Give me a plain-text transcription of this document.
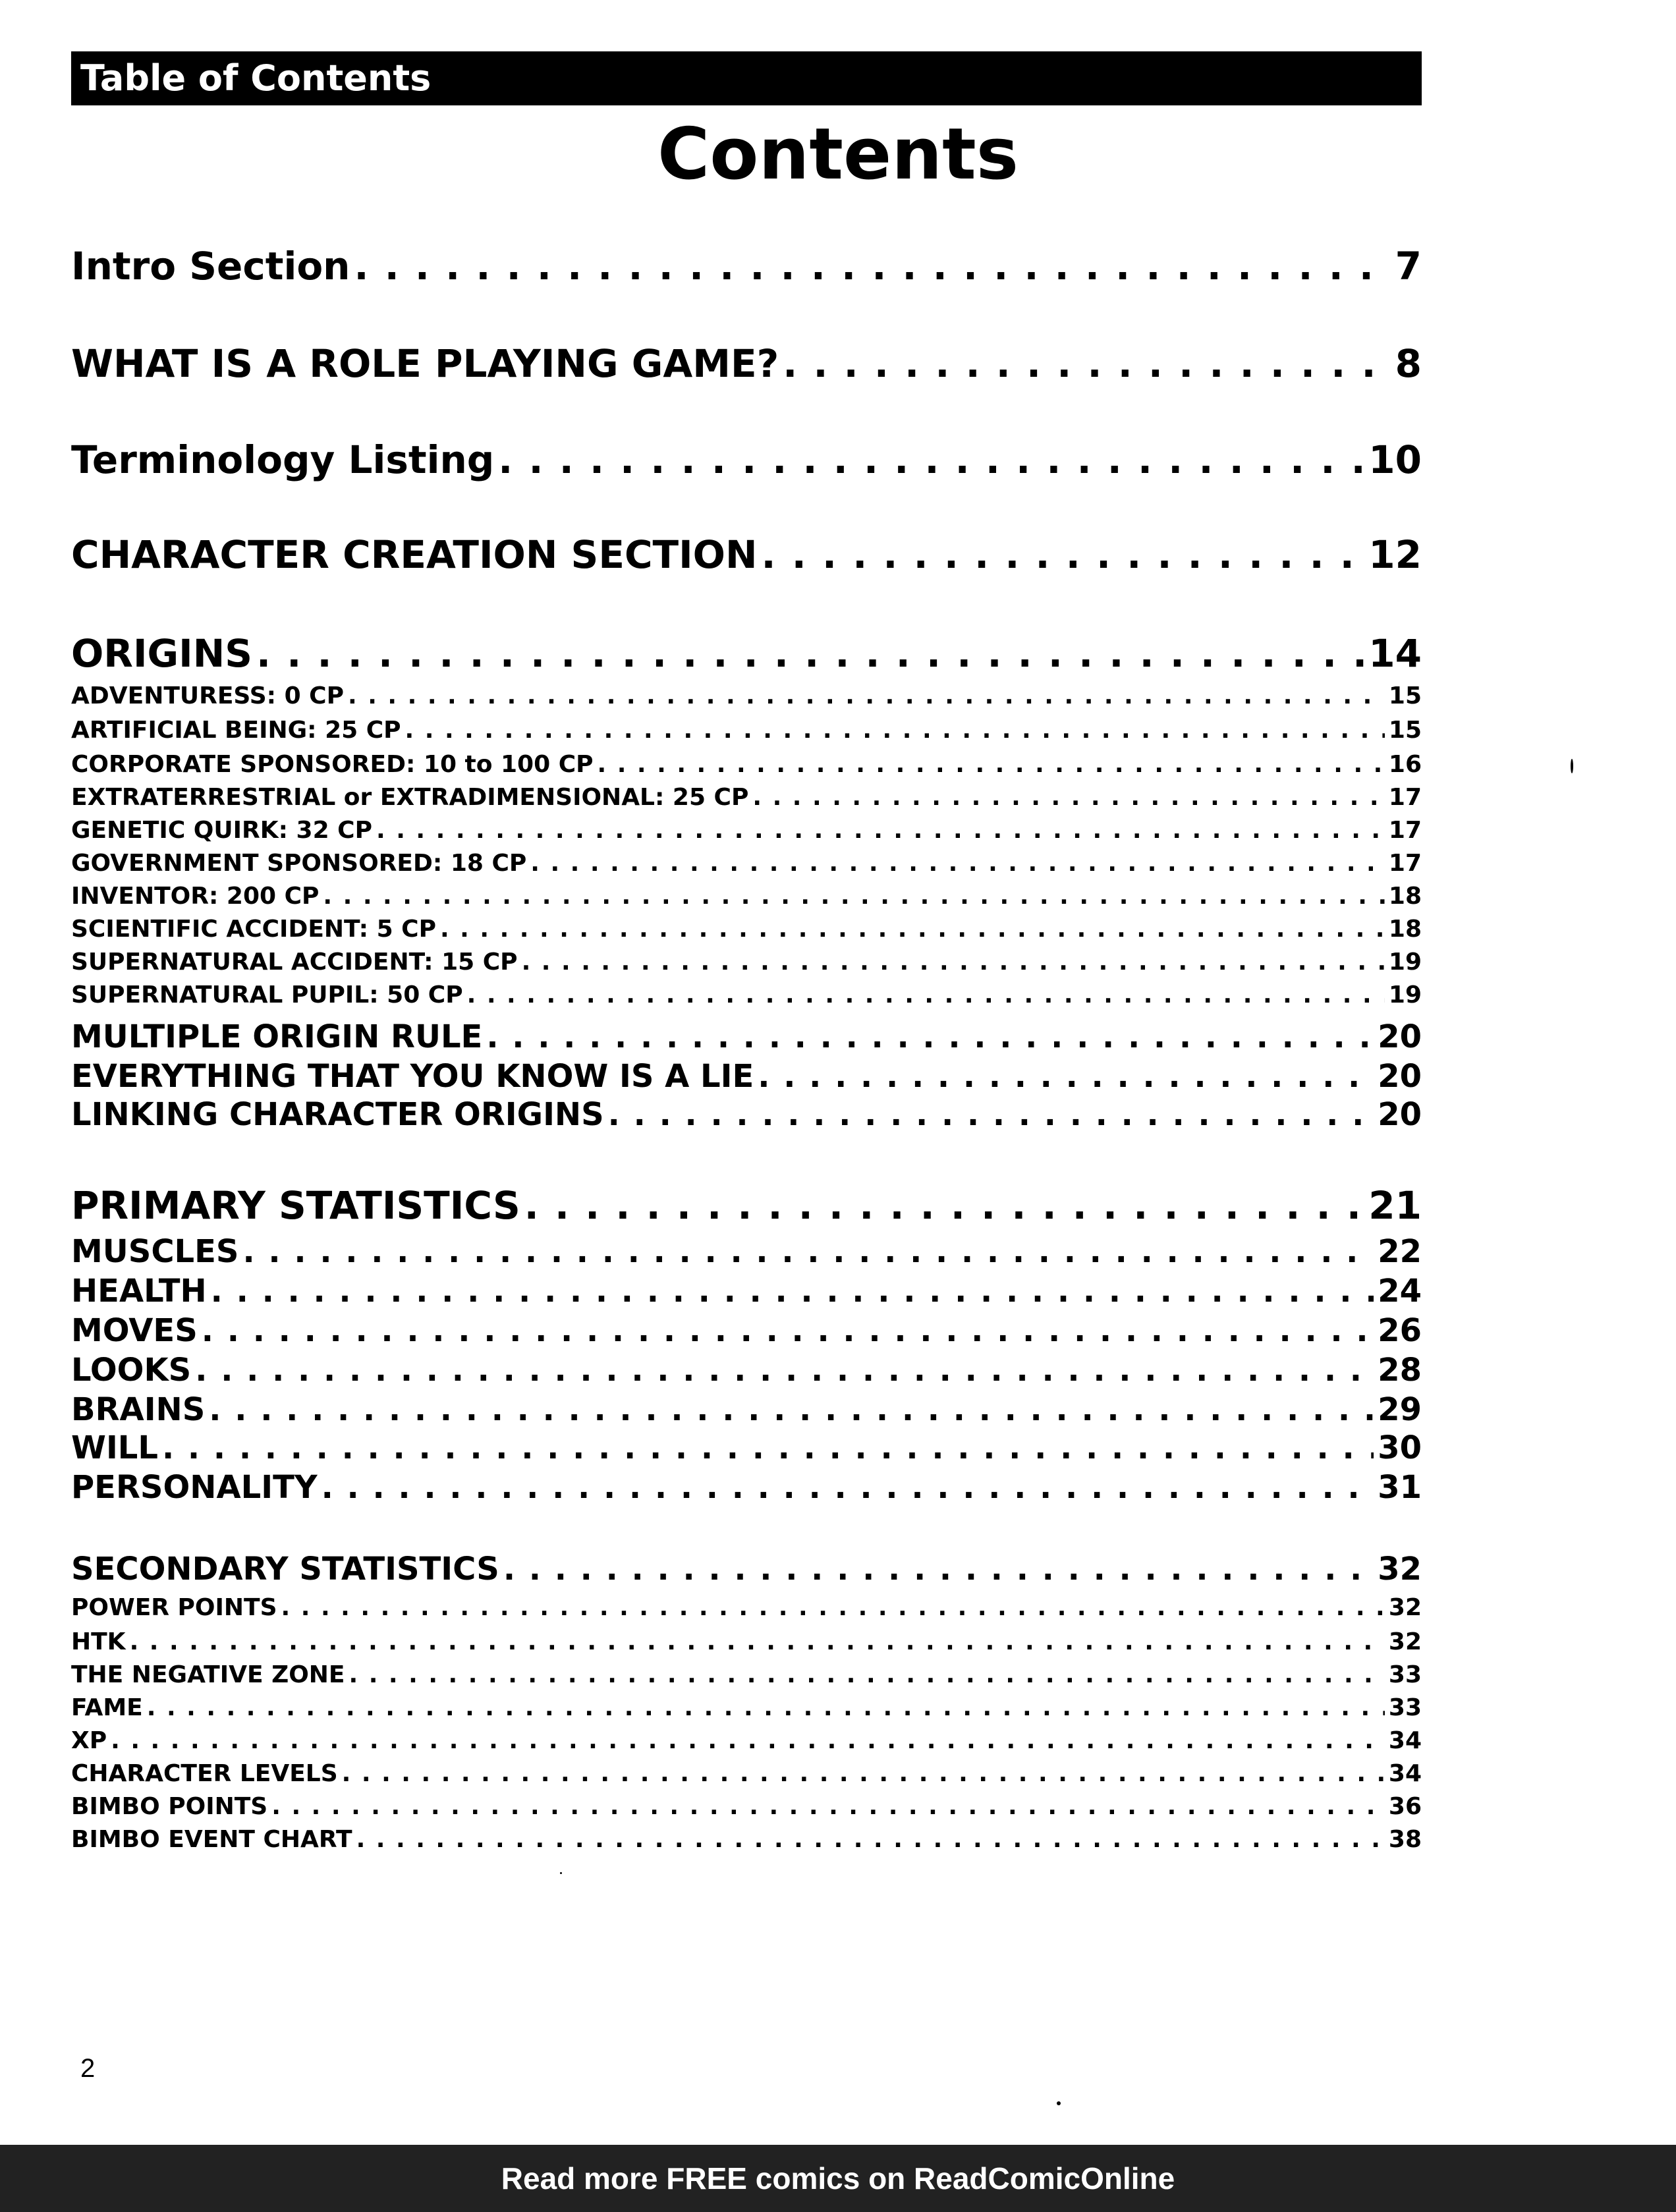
Table of Contents
Contents
Intro Section . . .	7
WHAT IS A ROLE PLAYING GAME? . . .	8
Terminology Listing . . .	10
CHARACTER CREATION SECTION . . .	12
ORIGINS . . .	14
ADVENTURESS: 0 CP . . .	15
ARTIFICIAL BEING: 25 CP . . .	15
CORPORATE SPONSORED: 10 to 100 CP . . .	16
EXTRATERRESTRIAL or EXTRADIMENSIONAL: 25 CP . . .	17
GENETIC QUIRK: 32 CP . . .	17
GOVERNMENT SPONSORED: 18 CP . . .	17
INVENTOR: 200 CP . . .	18
SCIENTIFIC ACCIDENT: 5 CP . . .	18
SUPERNATURAL ACCIDENT: 15 CP . . .	19
SUPERNATURAL PUPIL: 50 CP . . .	19
MULTIPLE ORIGIN RULE . . .	20
EVERYTHING THAT YOU KNOW IS A LIE . . .	20
LINKING CHARACTER ORIGINS . . .	20
PRIMARY STATISTICS . . .	21
MUSCLES . . .	22
HEALTH . . .	24
MOVES . . .	26
LOOKS . . .	28
BRAINS . . .	29
WILL . . .	30
PERSONALITY . . .	31
SECONDARY STATISTICS . . .	32
POWER POINTS . . .	32
HTK . . .	32
THE NEGATIVE ZONE . . .	33
FAME . . .	33
XP . . .	34
CHARACTER LEVELS . . .	34
BIMBO POINTS . . .	36
BIMBO EVENT CHART . . .	38
2
Read more FREE comics on ReadComicOnline
